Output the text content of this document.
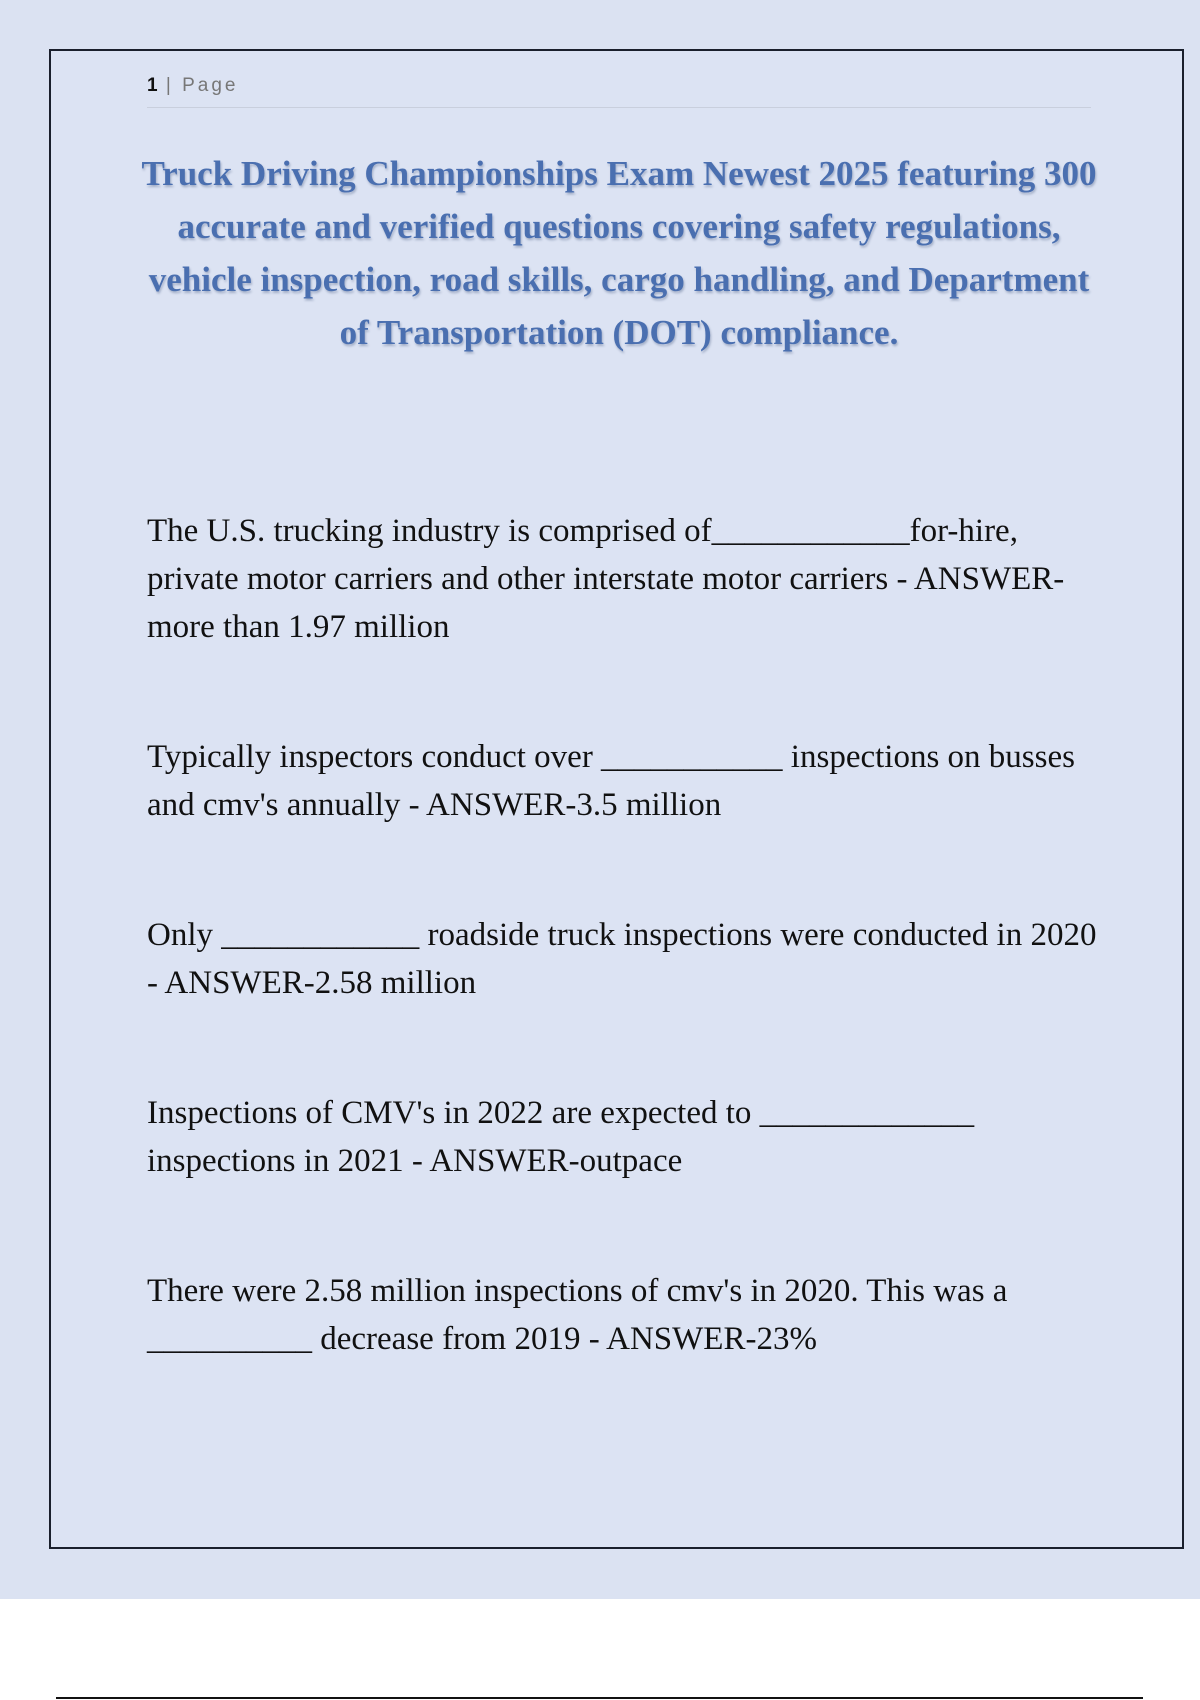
1 | Page
Truck Driving Championships Exam Newest 2025 featuring 300 accurate and verified questions covering safety regulations, vehicle inspection, road skills, cargo handling, and Department of Transportation (DOT) compliance.
The U.S. trucking industry is comprised of____________for-hire, private motor carriers and other interstate motor carriers - ANSWER-more than 1.97 million
Typically inspectors conduct over ___________ inspections on busses and cmv's annually - ANSWER-3.5 million
Only ____________ roadside truck inspections were conducted in 2020 - ANSWER-2.58 million
Inspections of CMV's in 2022 are expected to _____________ inspections in 2021 - ANSWER-outpace
There were 2.58 million inspections of cmv's in 2020. This was a __________ decrease from 2019 - ANSWER-23%
